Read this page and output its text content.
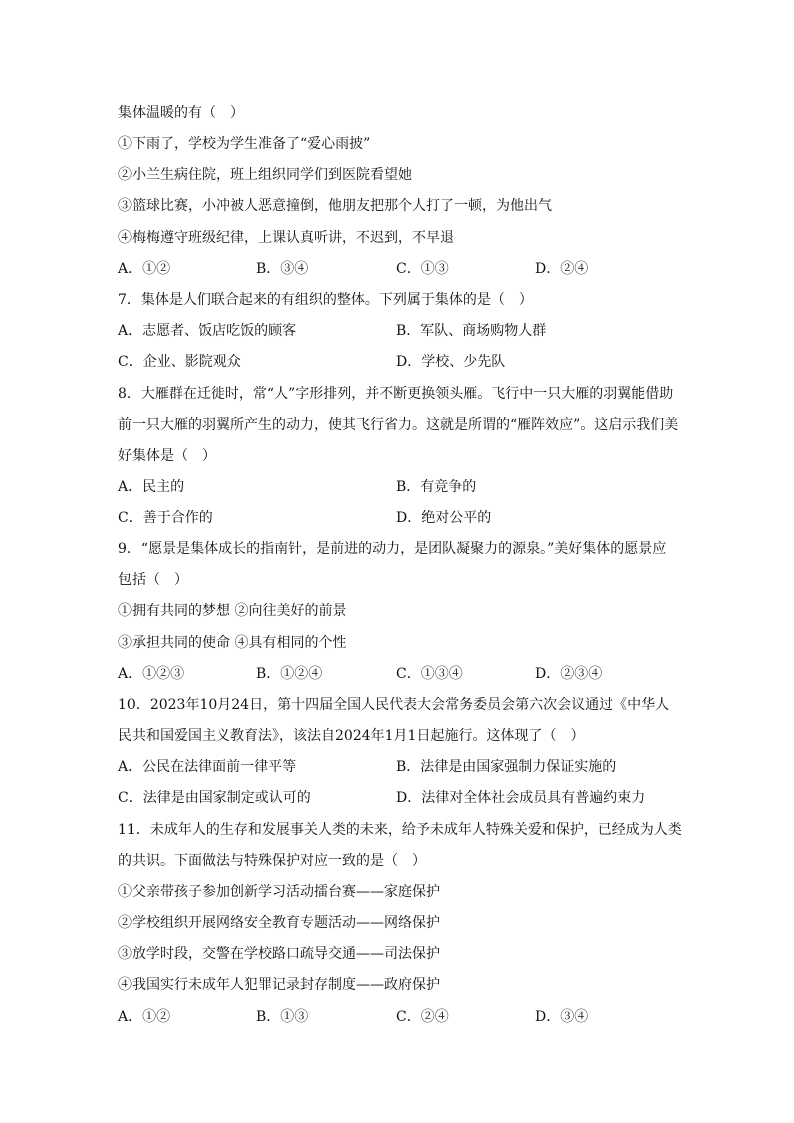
集体温暖的有（　）
①下雨了，学校为学生准备了“爱心雨披”
②小兰生病住院，班上组织同学们到医院看望她
③篮球比赛，小冲被人恶意撞倒，他朋友把那个人打了一顿，为他出气
④梅梅遵守班级纪律，上课认真听讲，不迟到，不早退
A．①②	B．③④	C．①③	D．②④
7．集体是人们联合起来的有组织的整体。下列属于集体的是（　）
A．志愿者、饭店吃饭的顾客	B．军队、商场购物人群
C．企业、影院观众	D．学校、少先队
8．大雁群在迁徙时，常“人”字形排列，并不断更换领头雁。飞行中一只大雁的羽翼能借助
前一只大雁的羽翼所产生的动力，使其飞行省力。这就是所谓的“雁阵效应”。这启示我们美
好集体是（　）
A．民主的	B．有竞争的
C．善于合作的	D．绝对公平的
9．“愿景是集体成长的指南针，是前进的动力，是团队凝聚力的源泉。”美好集体的愿景应
包括（　）
①拥有共同的梦想 ②向往美好的前景
③承担共同的使命 ④具有相同的个性
A．①②③	B．①②④	C．①③④	D．②③④
10．2023年10月24日，第十四届全国人民代表大会常务委员会第六次会议通过《中华人
民共和国爱国主义教育法》，该法自2024年1月1日起施行。这体现了（　）
A．公民在法律面前一律平等	B．法律是由国家强制力保证实施的
C．法律是由国家制定或认可的	D．法律对全体社会成员具有普遍约束力
11．未成年人的生存和发展事关人类的未来，给予未成年人特殊关爱和保护，已经成为人类
的共识。下面做法与特殊保护对应一致的是（　）
①父亲带孩子参加创新学习活动擂台赛——家庭保护
②学校组织开展网络安全教育专题活动——网络保护
③放学时段，交警在学校路口疏导交通——司法保护
④我国实行未成年人犯罪记录封存制度——政府保护
A．①②	B．①③	C．②④	D．③④
